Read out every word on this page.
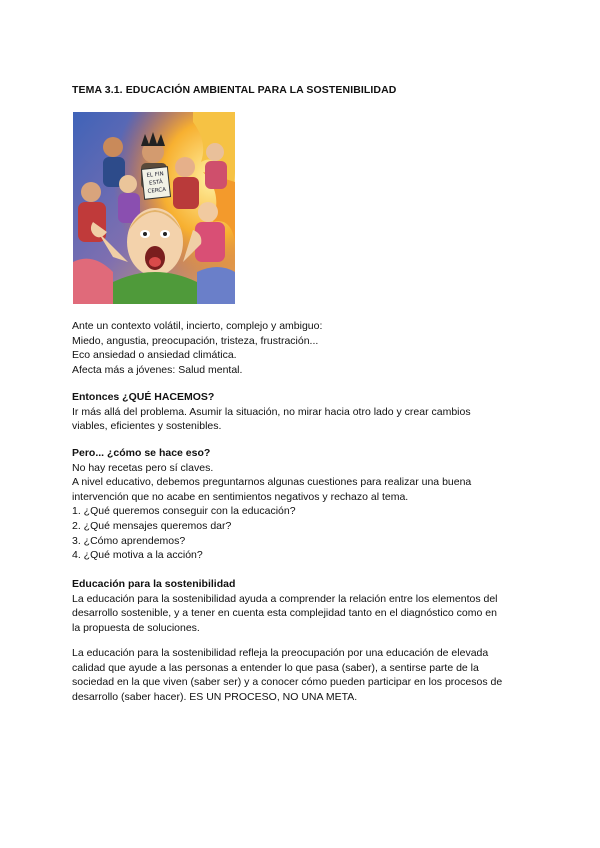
TEMA 3.1. EDUCACIÓN AMBIENTAL PARA LA SOSTENIBILIDAD
EL FIN
ESTÁ
CERCA

Ante un contexto volátil, incierto, complejo y ambiguo:

Miedo, angustia, preocupación, tristeza, frustración...

Eco ansiedad o ansiedad climática.

Afecta más a jóvenes: Salud mental.

Entonces ¿QUÉ HACEMOS?

Ir más allá del problema. Asumir la situación, no mirar hacia otro lado y crear cambios

viables, eficientes y sostenibles.

Pero... ¿cómo se hace eso?

No hay recetas pero sí claves.

A nivel educativo, debemos preguntarnos algunas cuestiones para realizar una buena

intervención que no acabe en sentimientos negativos y rechazo al tema.

1. ¿Qué queremos conseguir con la educación?

2. ¿Qué mensajes queremos dar?

3. ¿Cómo aprendemos?

4. ¿Qué motiva a la acción?

Educación para la sostenibilidad

La educación para la sostenibilidad ayuda a comprender la relación entre los elementos del

desarrollo sostenible, y a tener en cuenta esta complejidad tanto en el diagnóstico como en

la propuesta de soluciones.

La educación para la sostenibilidad refleja la preocupación por una educación de elevada

calidad que ayude a las personas a entender lo que pasa (saber), a sentirse parte de la

sociedad en la que viven (saber ser) y a conocer cómo pueden participar en los procesos de

desarrollo (saber hacer). ES UN PROCESO, NO UNA META.
